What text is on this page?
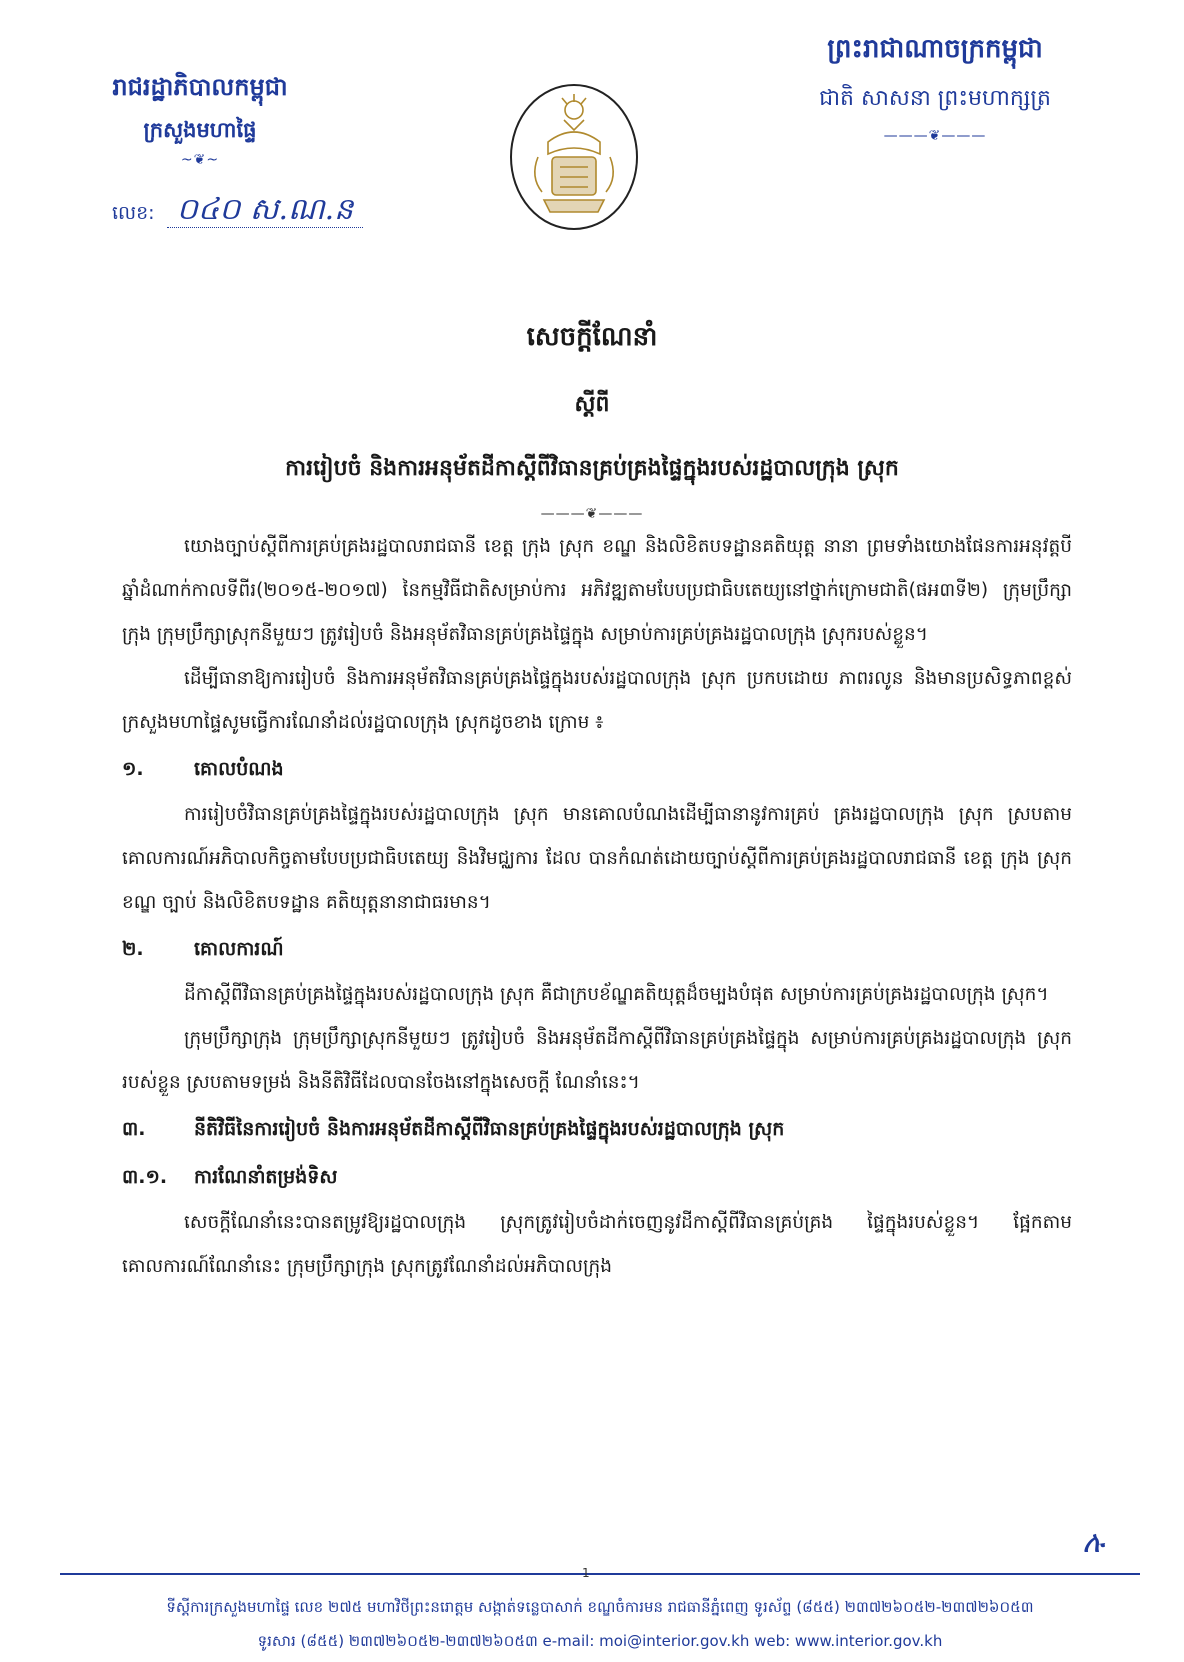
រាជរដ្ឋាភិបាលកម្ពុជា
ក្រសួងមហាផ្ទៃ
~❦~
លេខ: ០៤០ ស.ណ.ន
ព្រះរាជាណាចក្រកម្ពុជា
ជាតិ សាសនា ព្រះមហាក្សត្រ
———❦———
សេចក្តីណែនាំ
ស្តីពី
ការរៀបចំ និងការអនុម័តដីកាស្តីពីវិធានគ្រប់គ្រងផ្ទៃក្នុងរបស់រដ្ឋបាលក្រុង ស្រុក
———❦———

យោងច្បាប់ស្តីពីការគ្រប់គ្រងរដ្ឋបាលរាជធានី ខេត្ត ក្រុង ស្រុក ខណ្ឌ និងលិខិតបទដ្ឋានគតិយុត្ត នានា ព្រមទាំងយោងផែនការអនុវត្តបីឆ្នាំដំណាក់កាលទីពីរ(២០១៥-២០១៧) នៃកម្មវិធីជាតិសម្រាប់ការ អភិវឌ្ឍតាមបែបប្រជាធិបតេយ្យនៅថ្នាក់ក្រោមជាតិ(ផអ៣ទី២) ក្រុមប្រឹក្សាក្រុង ក្រុមប្រឹក្សាស្រុកនីមួយៗ ត្រូវរៀបចំ និងអនុម័តវិធានគ្រប់គ្រងផ្ទៃក្នុង សម្រាប់ការគ្រប់គ្រងរដ្ឋបាលក្រុង ស្រុករបស់ខ្លួន។

ដើម្បីធានាឱ្យការរៀបចំ និងការអនុម័តវិធានគ្រប់គ្រងផ្ទៃក្នុងរបស់រដ្ឋបាលក្រុង ស្រុក ប្រកបដោយ ភាពរលូន និងមានប្រសិទ្ធភាពខ្ពស់ ក្រសួងមហាផ្ទៃសូមធ្វើការណែនាំដល់រដ្ឋបាលក្រុង ស្រុកដូចខាង ក្រោម ៖

១.	គោលបំណង

ការរៀបចំវិធានគ្រប់គ្រងផ្ទៃក្នុងរបស់រដ្ឋបាលក្រុង ស្រុក មានគោលបំណងដើម្បីធានានូវការគ្រប់ គ្រងរដ្ឋបាលក្រុង ស្រុក ស្របតាមគោលការណ៍អភិបាលកិច្ចតាមបែបប្រជាធិបតេយ្យ និងវិមជ្ឈការ ដែល បានកំណត់ដោយច្បាប់ស្តីពីការគ្រប់គ្រងរដ្ឋបាលរាជធានី ខេត្ត ក្រុង ស្រុក ខណ្ឌ ច្បាប់ និងលិខិតបទដ្ឋាន គតិយុត្តនានាជាធរមាន។

២.	គោលការណ៍

ដីកាស្តីពីវិធានគ្រប់គ្រងផ្ទៃក្នុងរបស់រដ្ឋបាលក្រុង ស្រុក គឺជាក្របខ័ណ្ឌគតិយុត្តដ៏ចម្បងបំផុត សម្រាប់ការគ្រប់គ្រងរដ្ឋបាលក្រុង ស្រុក។

ក្រុមប្រឹក្សាក្រុង ក្រុមប្រឹក្សាស្រុកនីមួយៗ ត្រូវរៀបចំ និងអនុម័តដីកាស្តីពីវិធានគ្រប់គ្រងផ្ទៃក្នុង សម្រាប់ការគ្រប់គ្រងរដ្ឋបាលក្រុង ស្រុករបស់ខ្លួន ស្របតាមទម្រង់ និងនីតិវិធីដែលបានចែងនៅក្នុងសេចក្តី ណែនាំនេះ។

៣.	នីតិវិធីនៃការរៀបចំ និងការអនុម័តដីកាស្តីពីវិធានគ្រប់គ្រងផ្ទៃក្នុងរបស់រដ្ឋបាលក្រុង ស្រុក
៣.១.	ការណែនាំតម្រង់ទិស

សេចក្តីណែនាំនេះបានតម្រូវឱ្យរដ្ឋបាលក្រុង ស្រុកត្រូវរៀបចំដាក់ចេញនូវដីកាស្តីពីវិធានគ្រប់គ្រង ផ្ទៃក្នុងរបស់ខ្លួន។ ផ្អែកតាមគោលការណ៍ណែនាំនេះ ក្រុមប្រឹក្សាក្រុង ស្រុកត្រូវណែនាំដល់អភិបាលក្រុង

ሉ
ទីស្តីការក្រសួងមហាផ្ទៃ លេខ ២៧៥ មហាវិថីព្រះនរោត្តម សង្កាត់ទន្លេបាសាក់ ខណ្ឌចំការមន រាជធានីភ្នំពេញ ទូរស័ព្ទ (៨៥៥) ២៣៧២៦០៥២-២៣៧២៦០៥៣
ទូរសារ (៨៥៥) ២៣៧២៦០៥២-២៣៧២៦០៥៣ e-mail: moi@interior.gov.kh web: www.interior.gov.kh
1
